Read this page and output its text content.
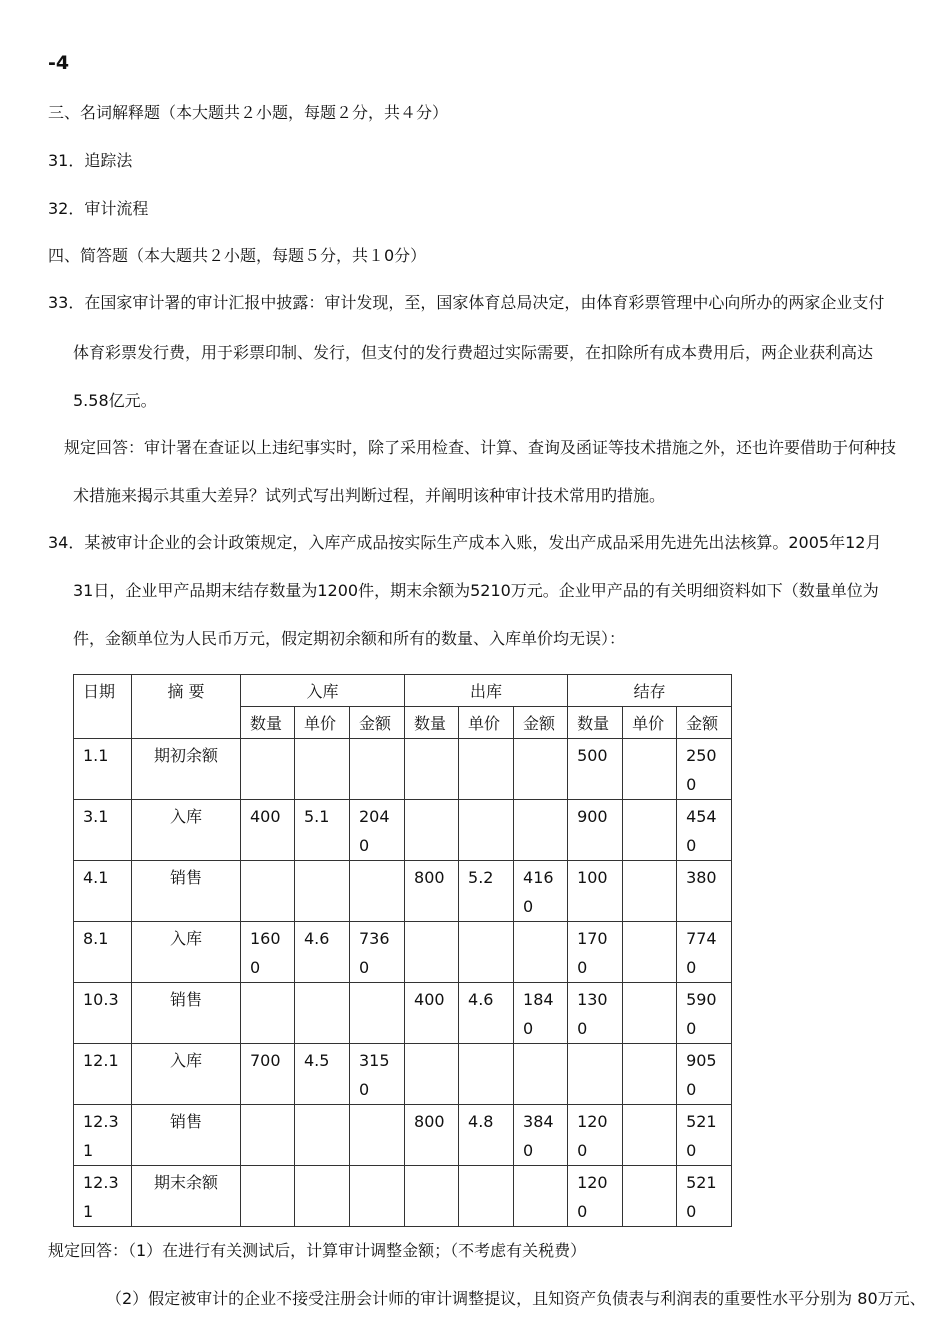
-4
三、名词解释题（本大题共２小题，每题２分，共４分）
31．追踪法
32．审计流程
四、简答题（本大题共２小题，每题５分，共１0分）
33．在国家审计署的审计汇报中披露：审计发现，至，国家体育总局决定，由体育彩票管理中心向所办的两家企业支付
体育彩票发行费，用于彩票印制、发行，但支付的发行费超过实际需要，在扣除所有成本费用后，两企业获利高达
5.58亿元。
规定回答：审计署在查证以上违纪事实时，除了采用检查、计算、查询及函证等技术措施之外，还也许要借助于何种技
术措施来揭示其重大差异？试列式写出判断过程，并阐明该种审计技术常用旳措施。
34．某被审计企业的会计政策规定，入库产成品按实际生产成本入账，发出产成品采用先进先出法核算。2005年12月
31日，企业甲产品期末结存数量为1200件，期末余额为5210万元。企业甲产品的有关明细资料如下（数量单位为
件，金额单位为人民币万元，假定期初余额和所有的数量、入库单价均无误）：
日期	摘 要	入库			出库			结存		
		数量	单价	金额	数量	单价	金额	数量	单价	金额
1.1	期初余额							500		2500
3.1	入库	400	5.1	2040				900		4540
4.1	销售				800	5.2	4160	100		380
8.1	入库	1600	4.6	7360				1700		7740
10.3	销售				400	4.6	1840	1300		5900
12.1	入库	700	4.5	3150						9050
12.31	销售				800	4.8	3840	1200		5210
12.31	期末余额							1200		5210
规定回答：（1）在进行有关测试后，计算审计调整金额；（不考虑有关税费）
（2）假定被审计的企业不接受注册会计师的审计调整提议，且知资产负债表与利润表的重要性水平分别为 80万元、
